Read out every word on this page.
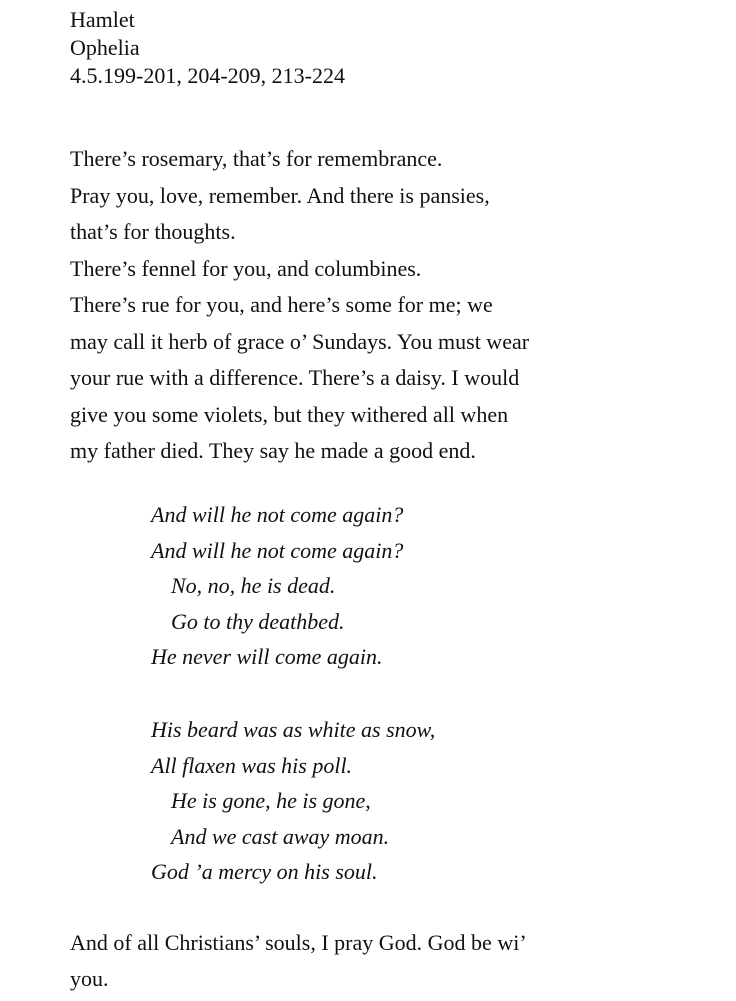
Hamlet
Ophelia
4.5.199-201, 204-209, 213-224
There’s rosemary, that’s for remembrance.
Pray you, love, remember. And there is pansies,
that’s for thoughts.
There’s fennel for you, and columbines.
There’s rue for you, and here’s some for me; we
may call it herb of grace o’ Sundays. You must wear
your rue with a difference. There’s a daisy. I would
give you some violets, but they withered all when
my father died. They say he made a good end.
And will he not come again?
And will he not come again?
No, no, he is dead.
Go to thy deathbed.
He never will come again.
His beard was as white as snow,
All flaxen was his poll.
He is gone, he is gone,
And we cast away moan.
God ’a mercy on his soul.
And of all Christians’ souls, I pray God. God be wi’
you.
